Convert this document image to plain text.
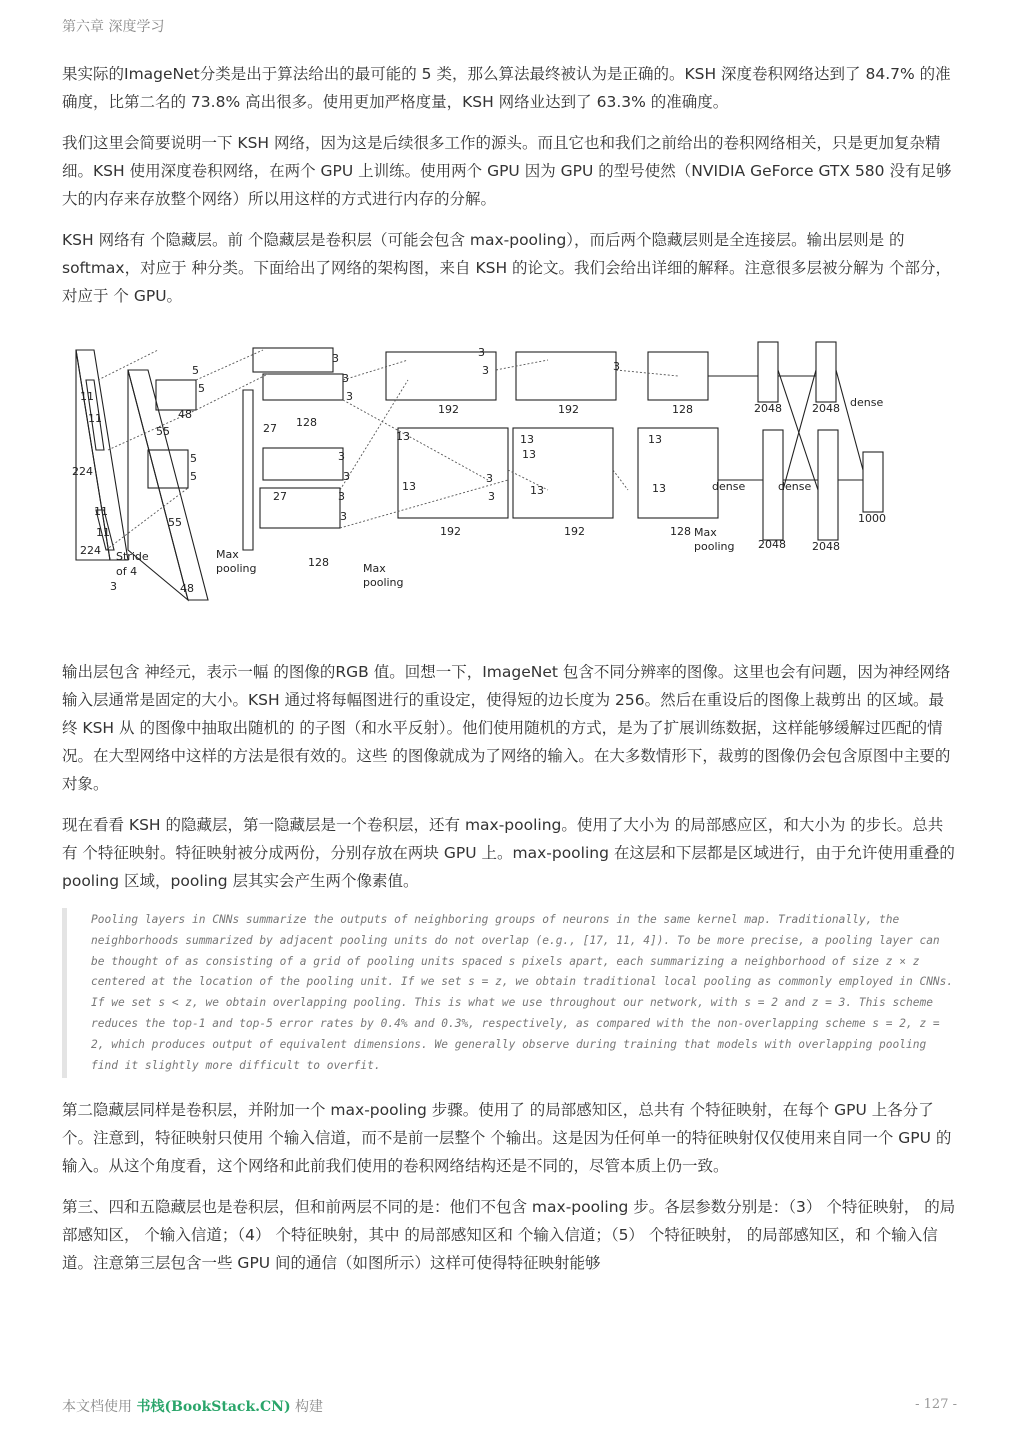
第六章 深度学习

果实际的ImageNet分类是出于算法给出的最可能的 5 类，那么算法最终被认为是正确的。KSH 深度卷积网络达到了 84.7% 的准确度，比第二名的 73.8% 高出很多。使用更加严格度量，KSH 网络业达到了 63.3% 的准确度。

我们这里会简要说明一下 KSH 网络，因为这是后续很多工作的源头。而且它也和我们之前给出的卷积网络相关，只是更加复杂精细。KSH 使用深度卷积网络，在两个 GPU 上训练。使用两个 GPU 因为 GPU 的型号使然（NVIDIA GeForce GTX 580 没有足够大的内存来存放整个网络）所以用这样的方式进行内存的分解。

KSH 网络有 个隐藏层。前 个隐藏层是卷积层（可能会包含 max-pooling），而后两个隐藏层则是全连接层。输出层则是 的 softmax，对应于 种分类。下面给出了网络的架构图，来自 KSH 的论文。我们会给出详细的解释。注意很多层被分解为 个部分，对应于 个 GPU。

11
11
224
11
11
224 Stride
of 4
3
48
48
55
55
5
5
5
5
Max
pooling
27
27
128
128
3
3
3
3
3
3
3
Max
pooling
3
3
3
3
3
13
13
13
13
13
13
13
192	192
192	192
128
128 Max
pooling
2048	2048
2048 2048
dense	dense
dense
1000

输出层包含 神经元，表示一幅 的图像的RGB 值。回想一下，ImageNet 包含不同分辨率的图像。这里也会有问题，因为神经网络输入层通常是固定的大小。KSH 通过将每幅图进行的重设定，使得短的边长度为 256。然后在重设后的图像上裁剪出 的区域。最终 KSH 从 的图像中抽取出随机的 的子图（和水平反射）。他们使用随机的方式，是为了扩展训练数据，这样能够缓解过匹配的情况。在大型网络中这样的方法是很有效的。这些 的图像就成为了网络的输入。在大多数情形下，裁剪的图像仍会包含原图中主要的对象。

现在看看 KSH 的隐藏层，第一隐藏层是一个卷积层，还有 max-pooling。使用了大小为 的局部感应区，和大小为 的步长。总共有 个特征映射。特征映射被分成两份，分别存放在两块 GPU 上。max-pooling 在这层和下层都是区域进行，由于允许使用重叠的 pooling 区域，pooling 层其实会产生两个像素值。

Pooling layers in CNNs summarize the outputs of neighboring groups of neurons in the same kernel map. Traditionally, the neighborhoods summarized by adjacent pooling units do not overlap (e.g., [17, 11, 4]). To be more precise, a pooling layer can be thought of as consisting of a grid of pooling units spaced s pixels apart, each summarizing a neighborhood of size z × z centered at the location of the pooling unit. If we set s = z, we obtain traditional local pooling as commonly employed in CNNs. If we set s < z, we obtain overlapping pooling. This is what we use throughout our network, with s = 2 and z = 3. This scheme reduces the top-1 and top-5 error rates by 0.4% and 0.3%, respectively, as compared with the non-overlapping scheme s = 2, z = 2, which produces output of equivalent dimensions. We generally observe during training that models with overlapping pooling find it slightly more difficult to overfit.

第二隐藏层同样是卷积层，并附加一个 max-pooling 步骤。使用了 的局部感知区，总共有 个特征映射，在每个 GPU 上各分了 个。注意到，特征映射只使用 个输入信道，而不是前一层整个 个输出。这是因为任何单一的特征映射仅仅使用来自同一个 GPU 的输入。从这个角度看，这个网络和此前我们使用的卷积网络结构还是不同的，尽管本质上仍一致。

第三、四和五隐藏层也是卷积层，但和前两层不同的是：他们不包含 max-pooling 步。各层参数分别是：（3） 个特征映射， 的局部感知区， 个输入信道；（4） 个特征映射，其中 的局部感知区和 个输入信道；（5） 个特征映射， 的局部感知区，和 个输入信道。注意第三层包含一些 GPU 间的通信（如图所示）这样可使得特征映射能够

本文档使用 书栈(BookStack.CN) 构建	- 127 -
